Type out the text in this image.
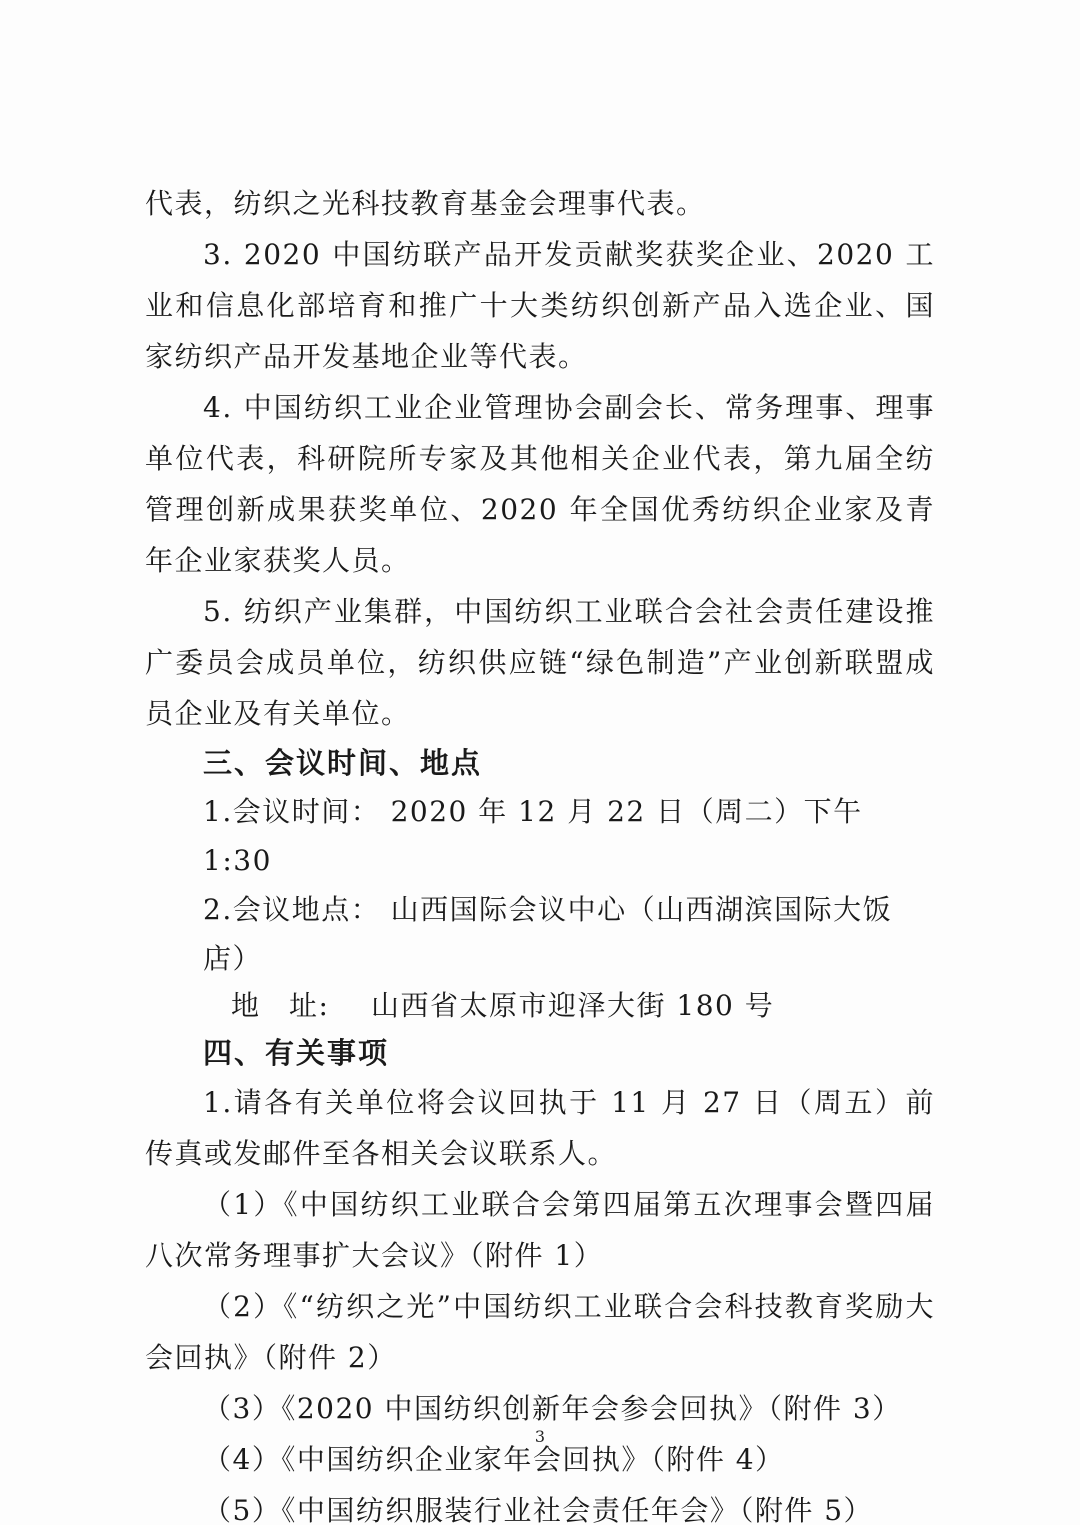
代表，纺织之光科技教育基金会理事代表。

3. 2020 中国纺联产品开发贡献奖获奖企业、2020 工业和信息化部培育和推广十大类纺织创新产品入选企业、国家纺织产品开发基地企业等代表。

4. 中国纺织工业企业管理协会副会长、常务理事、理事单位代表，科研院所专家及其他相关企业代表，第九届全纺管理创新成果获奖单位、2020 年全国优秀纺织企业家及青年企业家获奖人员。

5. 纺织产业集群，中国纺织工业联合会社会责任建设推广委员会成员单位，纺织供应链“绿色制造”产业创新联盟成员企业及有关单位。

三、会议时间、地点

1.会议时间： 2020 年 12 月 22 日（周二）下午 1:30

2.会议地点： 山西国际会议中心（山西湖滨国际大饭店）

地 址: 山西省太原市迎泽大街 180 号

四、有关事项

1.请各有关单位将会议回执于 11 月 27 日（周五）前传真或发邮件至各相关会议联系人。

（1）《中国纺织工业联合会第四届第五次理事会暨四届八次常务理事扩大会议》（附件 1）

（2）《“纺织之光”中国纺织工业联合会科技教育奖励大会回执》（附件 2）

（3）《2020 中国纺织创新年会参会回执》（附件 3）

（4）《中国纺织企业家年会回执》（附件 4）

（5）《中国纺织服装行业社会责任年会》（附件 5）

3
